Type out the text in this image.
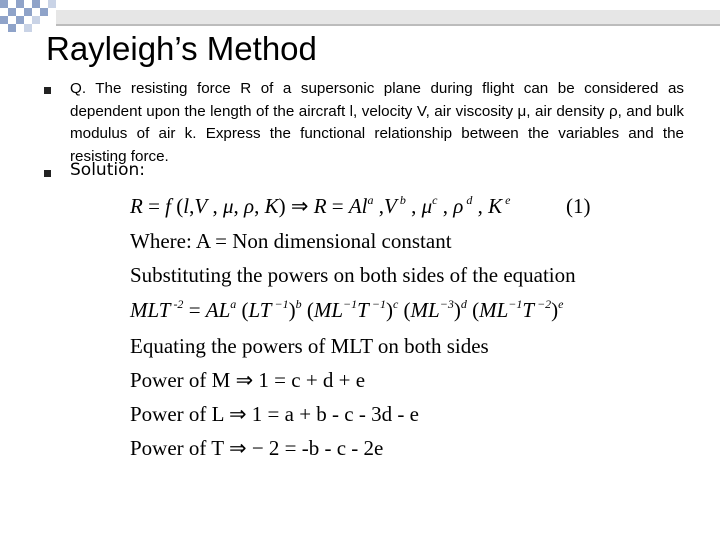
Rayleigh’s Method
Q. The resisting force R of a supersonic plane during flight can be considered as dependent upon the length of the aircraft l, velocity V, air viscosity μ, air density ρ, and bulk modulus of air k. Express the functional relationship between the variables and the resisting force.
Solution:
R = f (l,V , μ, ρ, K) ⇒ $R = Al^a$ ,V $^b$ , $\mu^c$ , ρ $^d$ , K $^e$	(1)
Where: A = Non dimensional constant
Substituting the powers on both sides of the equation
MLT $^{-2} = AL^a$ (LT $^{-1}$)$^b$ ($ML^{-1}T$ $^{-1}$)$^c$ $(ML^{-3})^d$ ($ML^{-1}T$ $^{-2}$)$^e$
Equating the powers of MLT on both sides
Power of M ⇒ 1 = c + d + e
Power of L ⇒ 1 = a + b - c - 3d - e
Power of T ⇒ − 2 = -b - c - 2e
